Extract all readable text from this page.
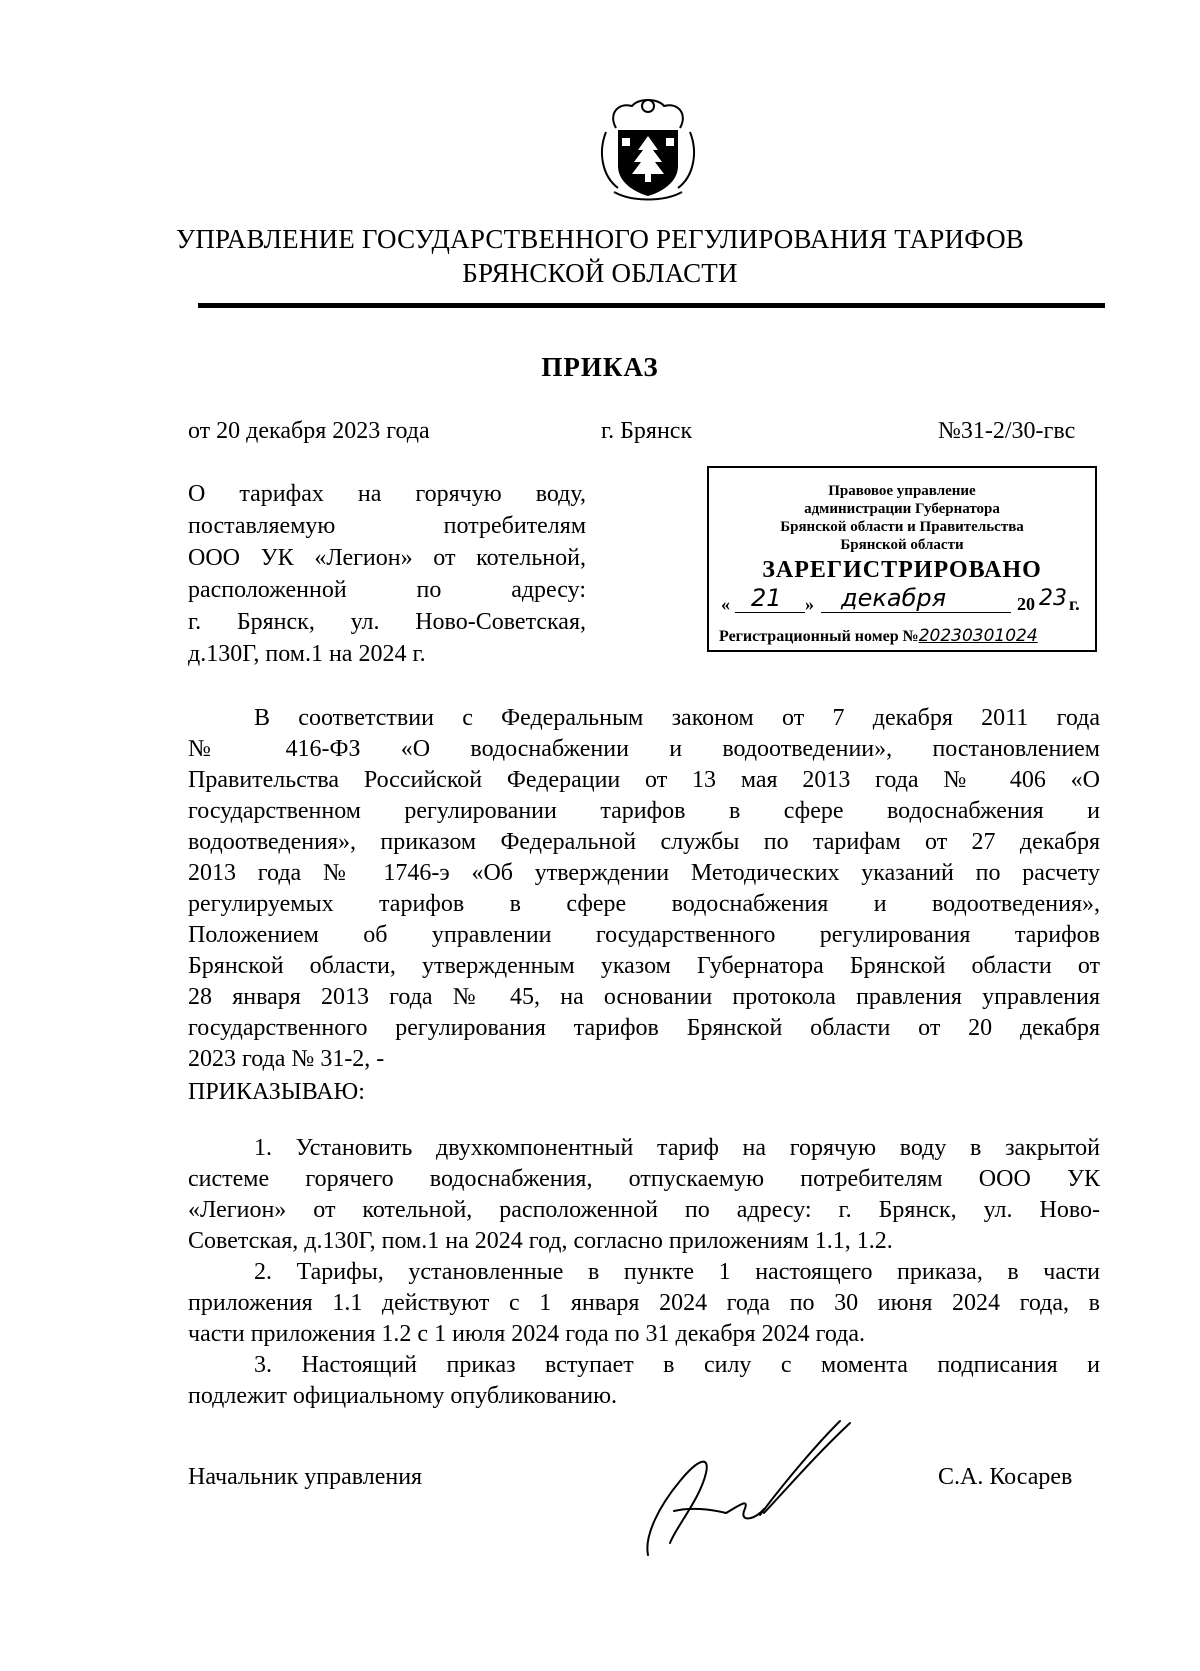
УПРАВЛЕНИЕ ГОСУДАРСТВЕННОГО РЕГУЛИРОВАНИЯ ТАРИФОВ
БРЯНСКОЙ ОБЛАСТИ
ПРИКАЗ
от 20 декабря 2023 года	г. Брянск	№31-2/30-гвс
О тарифах на горячую воду,
поставляемую потребителям
ООО УК «Легион» от котельной,
расположенной по адресу:
г. Брянск, ул. Ново-Советская,
д.130Г, пом.1 на 2024 г.
Правовое управление
администрации Губернатора
Брянской области и Правительства
Брянской области
ЗАРЕГИСТРИРОВАНО
« 21 » декабря	20 23 г.
Регистрационный номер №20230301024
В соответствии с Федеральным законом от 7 декабря 2011 года
№ 416-ФЗ «О водоснабжении и водоотведении», постановлением
Правительства Российской Федерации от 13 мая 2013 года № 406 «О
государственном регулировании тарифов в сфере водоснабжения и
водоотведения», приказом Федеральной службы по тарифам от 27 декабря
2013 года № 1746-э «Об утверждении Методических указаний по расчету
регулируемых тарифов в сфере водоснабжения и водоотведения»,
Положением об управлении государственного регулирования тарифов
Брянской области, утвержденным указом Губернатора Брянской области от
28 января 2013 года № 45, на основании протокола правления управления
государственного регулирования тарифов Брянской области от 20 декабря
2023 года № 31-2, -
ПРИКАЗЫВАЮ:
1. Установить двухкомпонентный тариф на горячую воду в закрытой
системе горячего водоснабжения, отпускаемую потребителям ООО УК
«Легион» от котельной, расположенной по адресу: г. Брянск, ул. Ново-
Советская, д.130Г, пом.1 на 2024 год, согласно приложениям 1.1, 1.2.
2. Тарифы, установленные в пункте 1 настоящего приказа, в части
приложения 1.1 действуют с 1 января 2024 года по 30 июня 2024 года, в
части приложения 1.2 с 1 июля 2024 года по 31 декабря 2024 года.
3. Настоящий приказ вступает в силу с момента подписания и
подлежит официальному опубликованию.
Начальник управления	С.А. Косарев
